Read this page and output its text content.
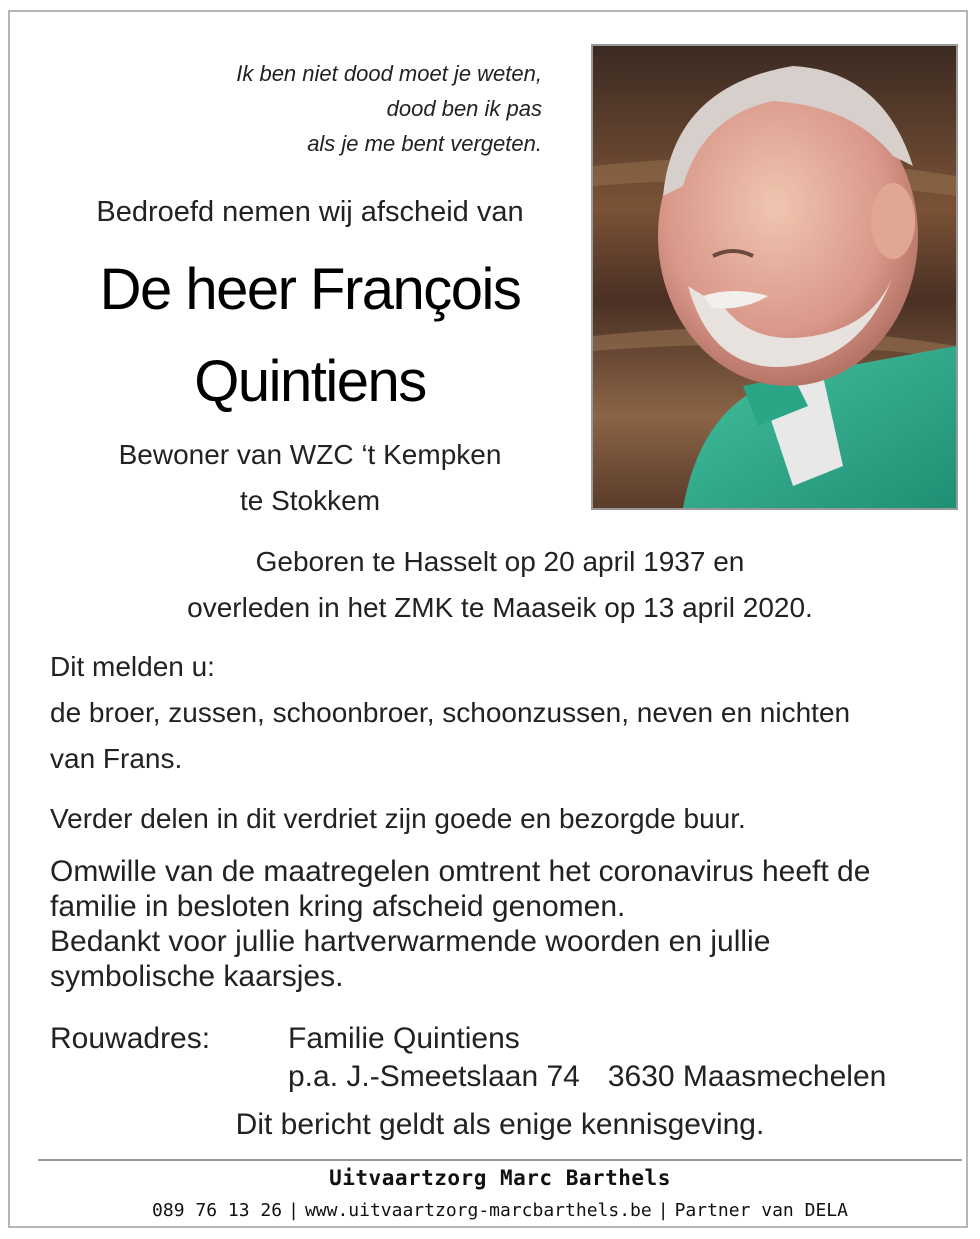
Ik ben niet dood moet je weten,
dood ben ik pas
als je me bent vergeten.
Bedroefd nemen wij afscheid van
De heer François
Quintiens
Bewoner van WZC ‘t Kempken
te Stokkem
Geboren te Hasselt op 20 april 1937 en
overleden in het ZMK te Maaseik op 13 april 2020.
Dit melden u:
de broer, zussen, schoonbroer, schoonzussen, neven en nichten
van Frans.
Verder delen in dit verdriet zijn goede en bezorgde buur.
Omwille van de maatregelen omtrent het coronavirus heeft de
familie in besloten kring afscheid genomen.
Bedankt voor jullie hartverwarmende woorden en jullie
symbolische kaarsjes.
Rouwadres:	Familie Quintiens
p.a. J.-Smeetslaan 74 3630 Maasmechelen
Dit bericht geldt als enige kennisgeving.
Uitvaartzorg Marc Barthels
089 76 13 26 | www.uitvaartzorg-marcbarthels.be | Partner van DELA
